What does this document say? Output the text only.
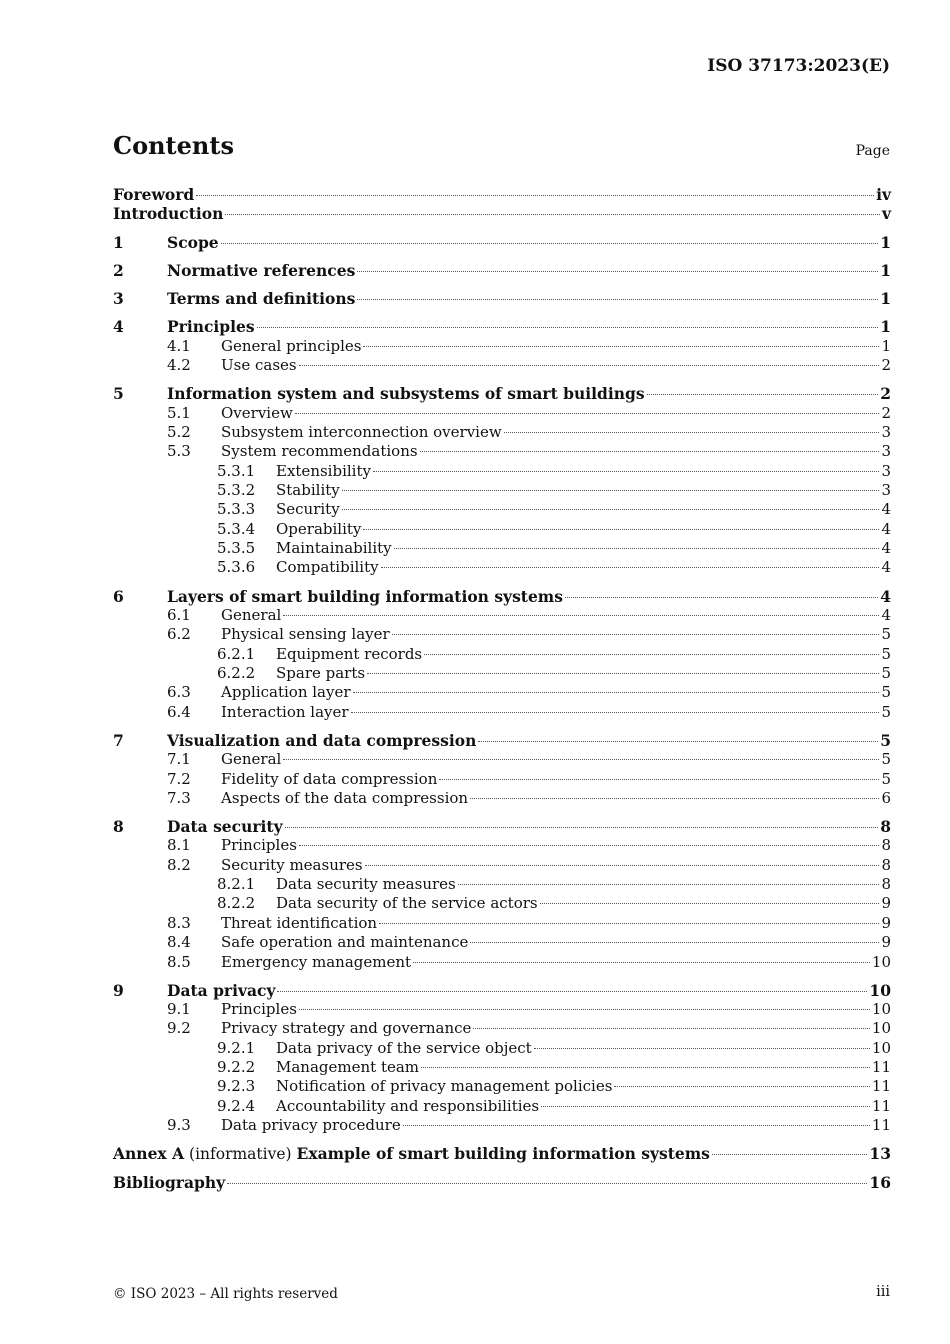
ISO 37173:2023(E)
Contents	Page
Foreword	iv
Introduction	v
1	Scope	1
2	Normative references	1
3	Terms and definitions	1
4	Principles	1
4.1	General principles	1
4.2	Use cases	2
5	Information system and subsystems of smart buildings	2
5.1	Overview	2
5.2	Subsystem interconnection overview	3
5.3	System recommendations	3
5.3.1	Extensibility	3
5.3.2	Stability	3
5.3.3	Security	4
5.3.4	Operability	4
5.3.5	Maintainability	4
5.3.6	Compatibility	4
6	Layers of smart building information systems	4
6.1	General	4
6.2	Physical sensing layer	5
6.2.1	Equipment records	5
6.2.2	Spare parts	5
6.3	Application layer	5
6.4	Interaction layer	5
7	Visualization and data compression	5
7.1	General	5
7.2	Fidelity of data compression	5
7.3	Aspects of the data compression	6
8	Data security	8
8.1	Principles	8
8.2	Security measures	8
8.2.1	Data security measures	8
8.2.2	Data security of the service actors	9
8.3	Threat identification	9
8.4	Safe operation and maintenance	9
8.5	Emergency management	10
9	Data privacy	10
9.1	Principles	10
9.2	Privacy strategy and governance	10
9.2.1	Data privacy of the service object	10
9.2.2	Management team	11
9.2.3	Notification of privacy management policies	11
9.2.4	Accountability and responsibilities	11
9.3	Data privacy procedure	11
Annex A (informative) Example of smart building information systems	13
Bibliography	16
© ISO 2023 – All rights reserved	iii
